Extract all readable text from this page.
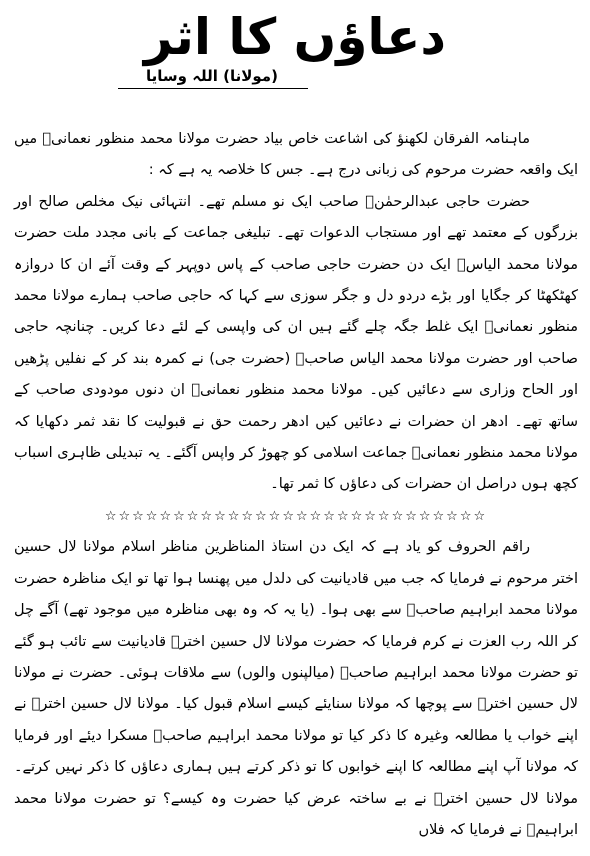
دعاؤں کا اثر
(مولانا) اللہ وسایا

ماہنامہ الفرقان لکھنؤ کی اشاعت خاص بیاد حضرت مولانا محمد منظور نعمانیؒ میں ایک واقعہ حضرت مرحوم کی زبانی درج ہے۔ جس کا خلاصہ یہ ہے کہ :

حضرت حاجی عبدالرحمٰنؒ صاحب ایک نو مسلم تھے۔ انتہائی نیک مخلص صالح اور بزرگوں کے معتمد تھے اور مستجاب الدعوات تھے۔ تبلیغی جماعت کے بانی مجدد ملت حضرت مولانا محمد الیاسؒ ایک دن حضرت حاجی صاحب کے پاس دوپہر کے وقت آئے ان کا دروازہ کھٹکھٹا کر جگایا اور بڑے دردو دل و جگر سوزی سے کہا کہ حاجی صاحب ہمارے مولانا محمد منظور نعمانیؒ ایک غلط جگہ چلے گئے ہیں ان کی واپسی کے لئے دعا کریں۔ چنانچہ حاجی صاحب اور حضرت مولانا محمد الیاس صاحبؒ (حضرت جی) نے کمرہ بند کر کے نفلیں پڑھیں اور الحاح وزاری سے دعائیں کیں۔ مولانا محمد منظور نعمانیؒ ان دنوں مودودی صاحب کے ساتھ تھے۔ ادھر ان حضرات نے دعائیں کیں ادھر رحمت حق نے قبولیت کا نقد ثمر دکھایا کہ مولانا محمد منظور نعمانیؒ جماعت اسلامی کو چھوڑ کر واپس آگئے۔ یہ تبدیلی ظاہری اسباب کچھ ہوں دراصل ان حضرات کی دعاؤں کا ثمر تھا۔

☆☆☆☆☆☆☆☆☆☆☆☆☆☆☆☆☆☆☆☆☆☆☆☆☆☆☆☆

راقم الحروف کو یاد ہے کہ ایک دن استاذ المناظرین مناظر اسلام مولانا لال حسین اختر مرحوم نے فرمایا کہ جب میں قادیانیت کی دلدل میں پھنسا ہوا تھا تو ایک مناظرہ حضرت مولانا محمد ابراہیم صاحبؒ سے بھی ہوا۔ (یا یہ کہ وہ بھی مناظرہ میں موجود تھے) آگے چل کر اللہ رب العزت نے کرم فرمایا کہ حضرت مولانا لال حسین اخترؒ قادیانیت سے تائب ہو گئے تو حضرت مولانا محمد ابراہیم صاحبؒ (میالپنوں والوں) سے ملاقات ہوئی۔ حضرت نے مولانا لال حسین اخترؒ سے پوچھا کہ مولانا سنایئے کیسے اسلام قبول کیا۔ مولانا لال حسین اخترؒ نے اپنے خواب یا مطالعہ وغیرہ کا ذکر کیا تو مولانا محمد ابراہیم صاحبؒ مسکرا دیئے اور فرمایا کہ مولانا آپ اپنے مطالعہ کا اپنے خوابوں کا تو ذکر کرتے ہیں ہماری دعاؤں کا ذکر نہیں کرتے۔ مولانا لال حسین اخترؒ نے بے ساختہ عرض کیا حضرت وہ کیسے؟ تو حضرت مولانا محمد ابراہیمؒ نے فرمایا کہ فلاں
